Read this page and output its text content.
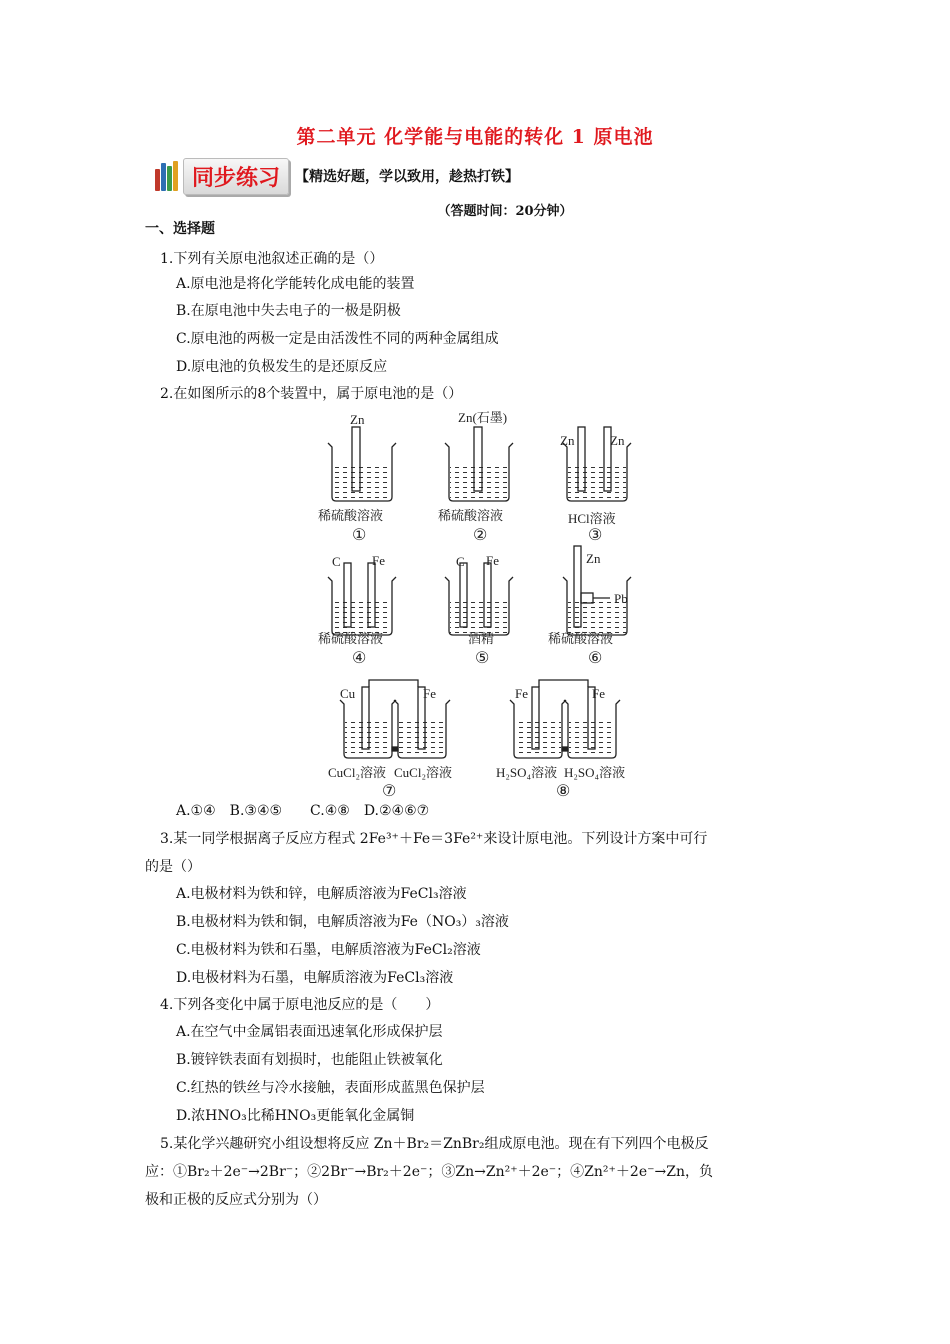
第二单元 化学能与电能的转化 1 原电池
同步练习	【精选好题，学以致用，趁热打铁】
（答题时间：20分钟）
一、选择题
1.下列有关原电池叙述正确的是（）
A.原电池是将化学能转化成电能的装置
B.在原电池中失去电子的一极是阴极
C.原电池的两极一定是由活泼性不同的两种金属组成
D.原电池的负极发生的是还原反应
2.在如图所示的8个装置中，属于原电池的是（）
Zn	Zn(石墨)
Zn	Zn
稀硫酸溶液	稀硫酸溶液	HCl溶液
①	②	③
C Fe	C Fe	Zn
Pb
稀硫酸溶液	酒精	稀硫酸溶液
④	⑤	⑥
Cu	Fe	Fe	Fe
CuCl₂溶液 CuCl₂溶液	H₂SO₄溶液 H₂SO₄溶液
⑦	⑧
A.①④　B.③④⑤　　C.④⑧　D.②④⑥⑦
3.某一同学根据离子反应方程式 2Fe³⁺＋Fe＝3Fe²⁺来设计原电池。下列设计方案中可行
的是（）
A.电极材料为铁和锌，电解质溶液为FeCl₃溶液
B.电极材料为铁和铜，电解质溶液为Fe（NO₃）₃溶液
C.电极材料为铁和石墨，电解质溶液为FeCl₂溶液
D.电极材料为石墨，电解质溶液为FeCl₃溶液
4.下列各变化中属于原电池反应的是（　　）
A.在空气中金属铝表面迅速氧化形成保护层
B.镀锌铁表面有划损时，也能阻止铁被氧化
C.红热的铁丝与冷水接触，表面形成蓝黑色保护层
D.浓HNO₃比稀HNO₃更能氧化金属铜
5.某化学兴趣研究小组设想将反应 Zn＋Br₂＝ZnBr₂组成原电池。现在有下列四个电极反
应：①Br₂＋2e⁻→2Br⁻；②2Br⁻→Br₂＋2e⁻；③Zn→Zn²⁺＋2e⁻；④Zn²⁺＋2e⁻→Zn，负
极和正极的反应式分别为（）
